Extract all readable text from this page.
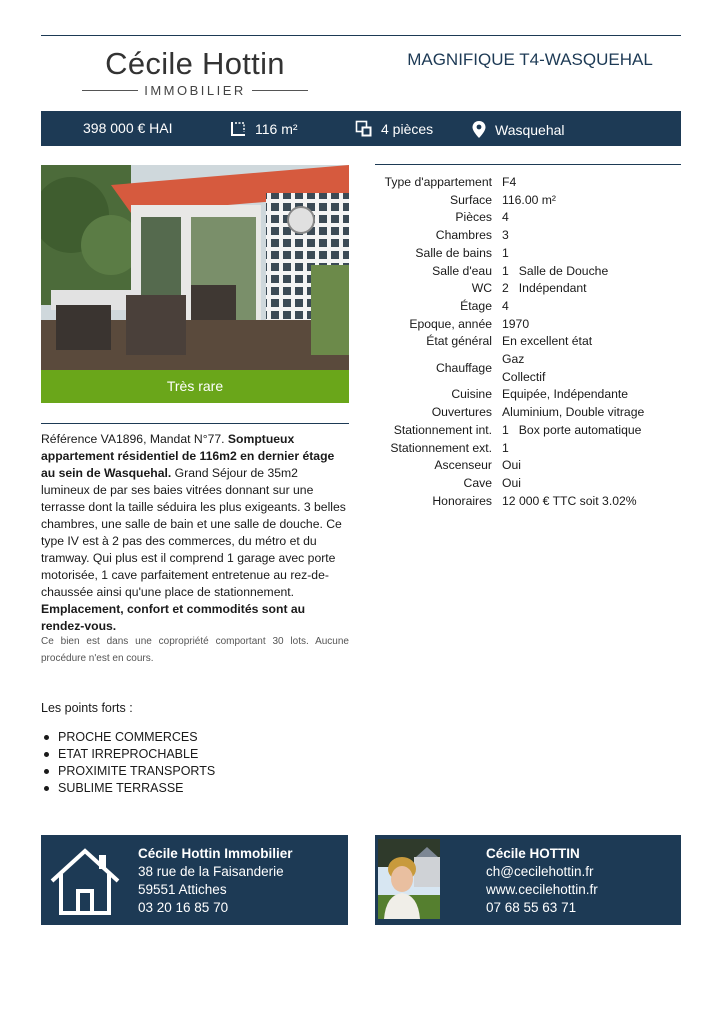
Cécile Hottin
IMMOBILIER
MAGNIFIQUE T4-WASQUEHAL
398 000 € HAI	116 m²	4 pièces	Wasquehal
Très rare
Référence VA1896, Mandat N°77. Somptueux appartement résidentiel de 116m2 en dernier étage au sein de Wasquehal. Grand Séjour de 35m2 lumineux de par ses baies vitrées donnant sur une terrasse dont la taille séduira les plus exigeants. 3 belles chambres, une salle de bain et une salle de douche. Ce type IV est à 2 pas des commerces, du métro et du tramway. Qui plus est il comprend 1 garage avec porte motorisée, 1 cave parfaitement entretenue au rez-de-chaussée ainsi qu'une place de stationnement. Emplacement, confort et commodités sont au rendez-vous.
Ce bien est dans une copropriété comportant 30 lots. Aucune procédure n'est en cours.
Les points forts :
PROCHE COMMERCES
ETAT IRREPROCHABLE
PROXIMITE TRANSPORTS
SUBLIME TERRASSE
Type d'appartement F4
Surface 116.00 m²
Pièces 4
Chambres 3
Salle de bains 1
Salle d'eau 1 Salle de Douche
WC 2 Indépendant
Étage 4
Epoque, année 1970
État général En excellent état
Chauffage
Gaz
Collectif
Cuisine Equipée, Indépendante
Ouvertures Aluminium, Double vitrage
Stationnement int. 1 Box porte automatique
Stationnement ext. 1
Ascenseur Oui
Cave Oui
Honoraires 12 000 € TTC soit 3.02%
Cécile Hottin Immobilier
38 rue de la Faisanderie
59551 Attiches
03 20 16 85 70
Cécile HOTTIN
ch@cecilehottin.fr
www.cecilehottin.fr
07 68 55 63 71
